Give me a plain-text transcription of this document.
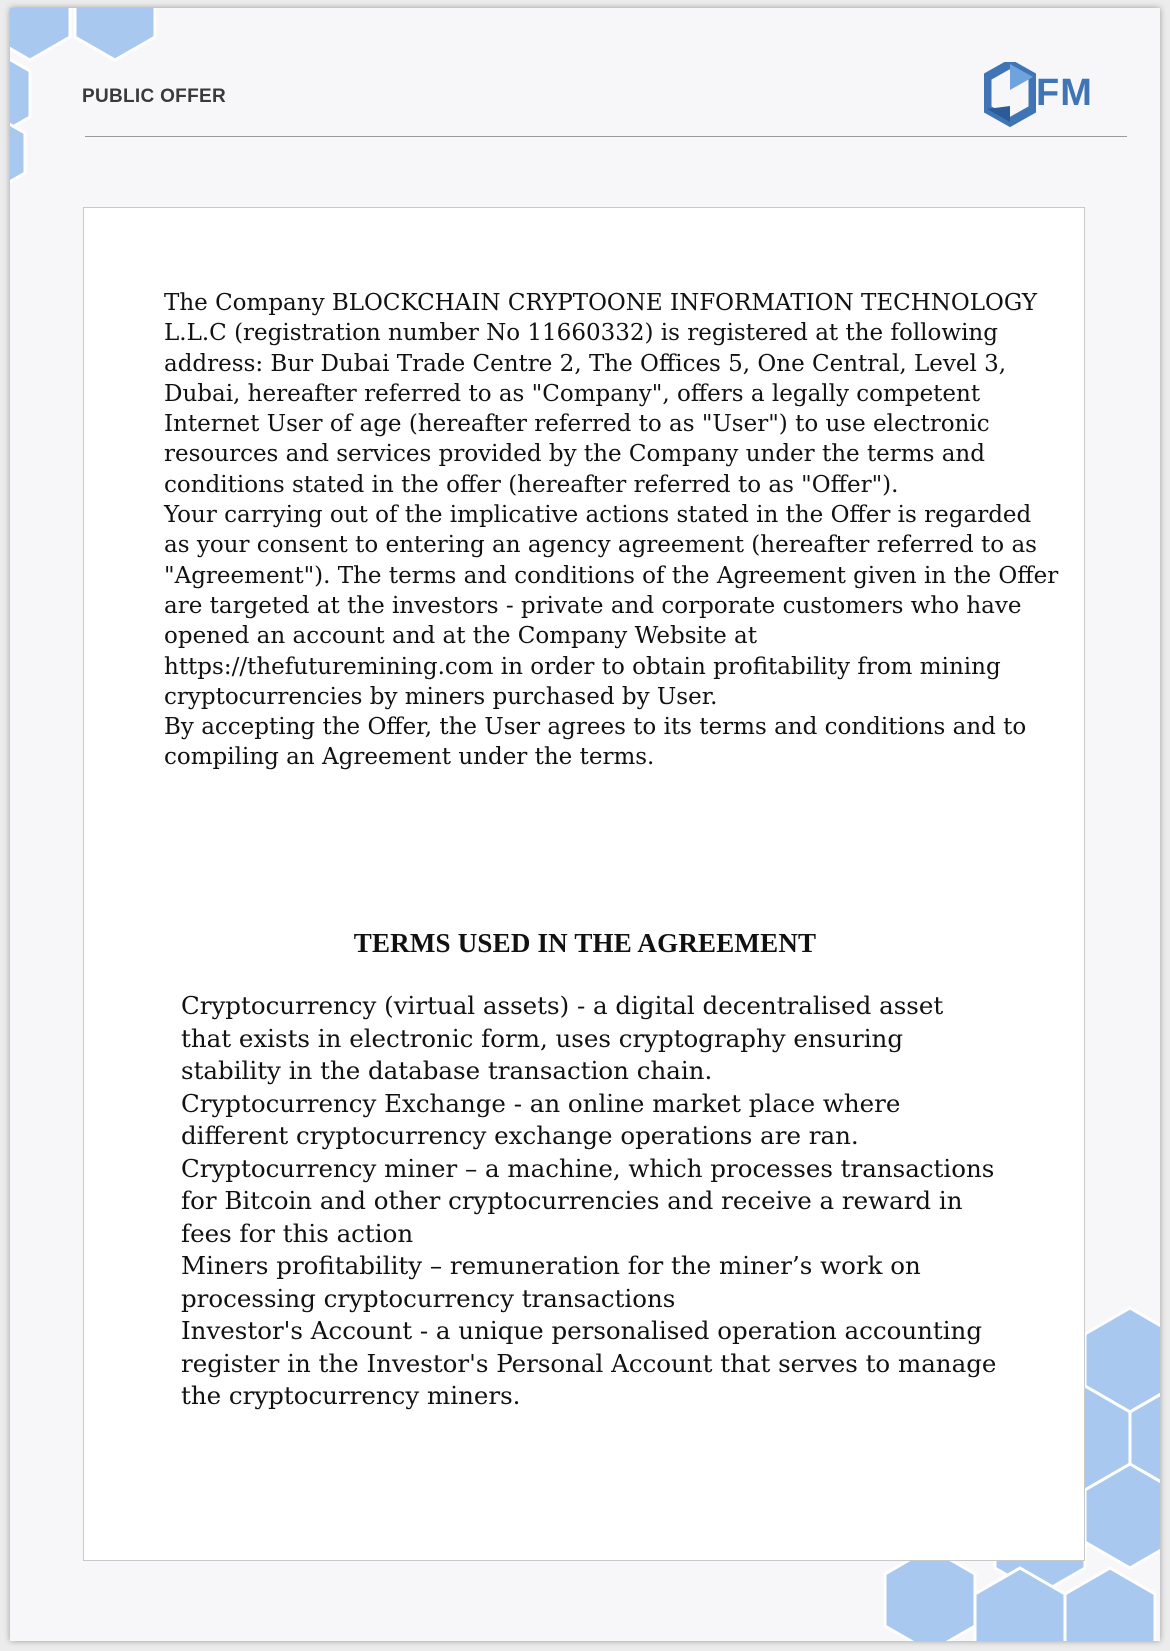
PUBLIC OFFER	FM

The Company BLOCKCHAIN CRYPTOONE INFORMATION TECHNOLOGY L.L.C (registration number No 11660332) is registered at the following address: Bur Dubai Trade Centre 2, The Offices 5, One Central, Level 3, Dubai, hereafter referred to as "Company", offers a legally competent Internet User of age (hereafter referred to as "User") to use electronic resources and services provided by the Company under the terms and conditions stated in the offer (hereafter referred to as "Offer").

Your carrying out of the implicative actions stated in the Offer is regarded as your consent to entering an agency agreement (hereafter referred to as "Agreement"). The terms and conditions of the Agreement given in the Offer are targeted at the investors - private and corporate customers who have opened an account and at the Company Website at https://thefuturemining.com in order to obtain profitability from mining cryptocurrencies by miners purchased by User.

By accepting the Offer, the User agrees to its terms and conditions and to compiling an Agreement under the terms.

TERMS USED IN THE AGREEMENT

Cryptocurrency (virtual assets) - a digital decentralised asset that exists in electronic form, uses cryptography ensuring stability in the database transaction chain.

Cryptocurrency Exchange - an online market place where different cryptocurrency exchange operations are ran.

Cryptocurrency miner – a machine, which processes transactions for Bitcoin and other cryptocurrencies and receive a reward in fees for this action

Miners profitability – remuneration for the miner’s work on processing cryptocurrency transactions

Investor's Account - a unique personalised operation accounting register in the Investor's Personal Account that serves to manage the cryptocurrency miners.
